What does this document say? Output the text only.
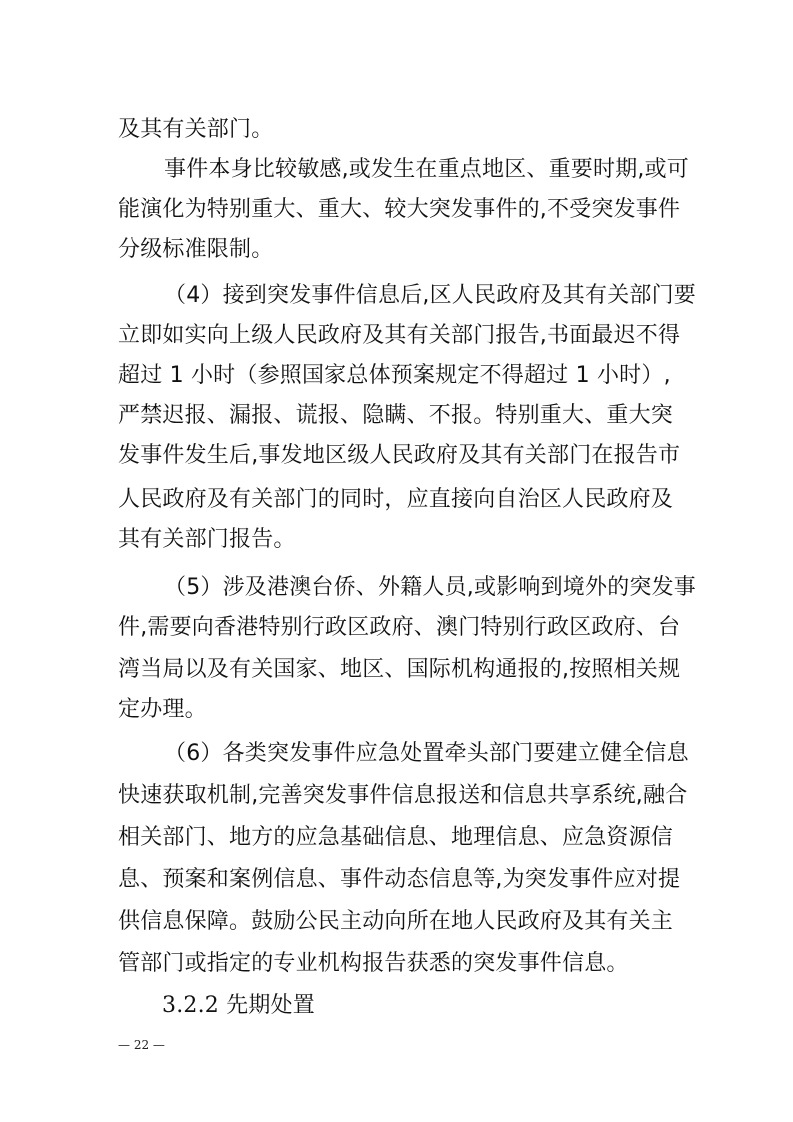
及其有关部门。
事件本身比较敏感,或发生在重点地区、重要时期,或可
能演化为特别重大、重大、较大突发事件的,不受突发事件
分级标准限制。
（4）接到突发事件信息后,区人民政府及其有关部门要
立即如实向上级人民政府及其有关部门报告,书面最迟不得
超过 1 小时（参照国家总体预案规定不得超过 1 小时）,
严禁迟报、漏报、谎报、隐瞒、不报。特别重大、重大突
发事件发生后,事发地区级人民政府及其有关部门在报告市
人民政府及有关部门的同时，应直接向自治区人民政府及
其有关部门报告。
（5）涉及港澳台侨、外籍人员,或影响到境外的突发事
件,需要向香港特别行政区政府、澳门特别行政区政府、台
湾当局以及有关国家、地区、国际机构通报的,按照相关规
定办理。
（6）各类突发事件应急处置牵头部门要建立健全信息
快速获取机制,完善突发事件信息报送和信息共享系统,融合
相关部门、地方的应急基础信息、地理信息、应急资源信
息、预案和案例信息、事件动态信息等,为突发事件应对提
供信息保障。鼓励公民主动向所在地人民政府及其有关主
管部门或指定的专业机构报告获悉的突发事件信息。
3.2.2 先期处置
— 22 —
